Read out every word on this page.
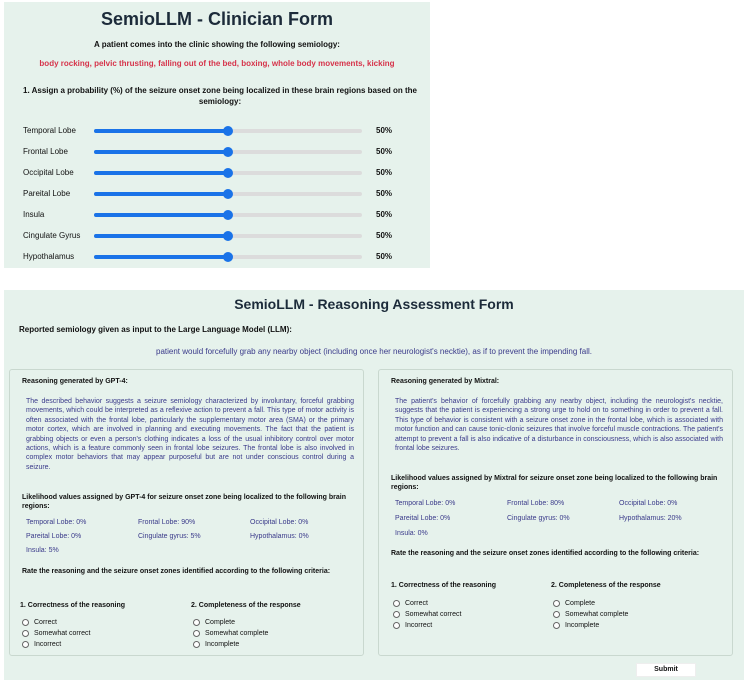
SemioLLM - Clinician Form
A patient comes into the clinic showing the following semiology:
body rocking, pelvic thrusting, falling out of the bed, boxing, whole body movements, kicking
1. Assign a probability (%) of the seizure onset zone being localized in these brain regions based on the semiology:
Temporal Lobe	50%
Frontal Lobe	50%
Occipital Lobe	50%
Pareital Lobe	50%
Insula	50%
Cingulate Gyrus	50%
Hypothalamus	50%
SemioLLM - Reasoning Assessment Form
Reported semiology given as input to the Large Language Model (LLM):
patient would forcefully grab any nearby object (including once her neurologist's necktie), as if to prevent the impending fall.
Reasoning generated by GPT-4:
The described behavior suggests a seizure semiology characterized by involuntary, forceful grabbing movements, which could be interpreted as a reflexive action to prevent a fall. This type of motor activity is often associated with the frontal lobe, particularly the supplementary motor area (SMA) or the primary motor cortex, which are involved in planning and executing movements. The fact that the patient is grabbing objects or even a person's clothing indicates a loss of the usual inhibitory control over motor actions, which is a feature commonly seen in frontal lobe seizures. The frontal lobe is also involved in complex motor behaviors that may appear purposeful but are not under conscious control during a seizure.
Likelihood values assigned by GPT-4 for seizure onset zone being localized to the following brain regions:
Temporal Lobe: 0%	Frontal Lobe: 90%	Occipital Lobe: 0%
Pareital Lobe: 0%	Cingulate gyrus: 5%	Hypothalamus: 0%
Insula: 5%
Rate the reasoning and the seizure onset zones identified according to the following criteria:
1. Correctness of the reasoning
Correct
Somewhat correct
Incorrect
2. Completeness of the response
Complete
Somewhat complete
Incomplete
Reasoning generated by Mixtral:
The patient's behavior of forcefully grabbing any nearby object, including the neurologist's necktie, suggests that the patient is experiencing a strong urge to hold on to something in order to prevent a fall. This type of behavior is consistent with a seizure onset zone in the frontal lobe, which is associated with motor function and can cause tonic-clonic seizures that involve forceful muscle contractions. The patient's attempt to prevent a fall is also indicative of a disturbance in consciousness, which is also associated with frontal lobe seizures.
Likelihood values assigned by Mixtral for seizure onset zone being localized to the following brain regions:
Temporal Lobe: 0%	Frontal Lobe: 80%	Occipital Lobe: 0%
Pareital Lobe: 0%	Cingulate gyrus: 0%	Hypothalamus: 20%
Insula: 0%
Rate the reasoning and the seizure onset zones identified according to the following criteria:
1. Correctness of the reasoning
Correct
Somewhat correct
Incorrect
2. Completeness of the response
Complete
Somewhat complete
Incomplete
Submit
